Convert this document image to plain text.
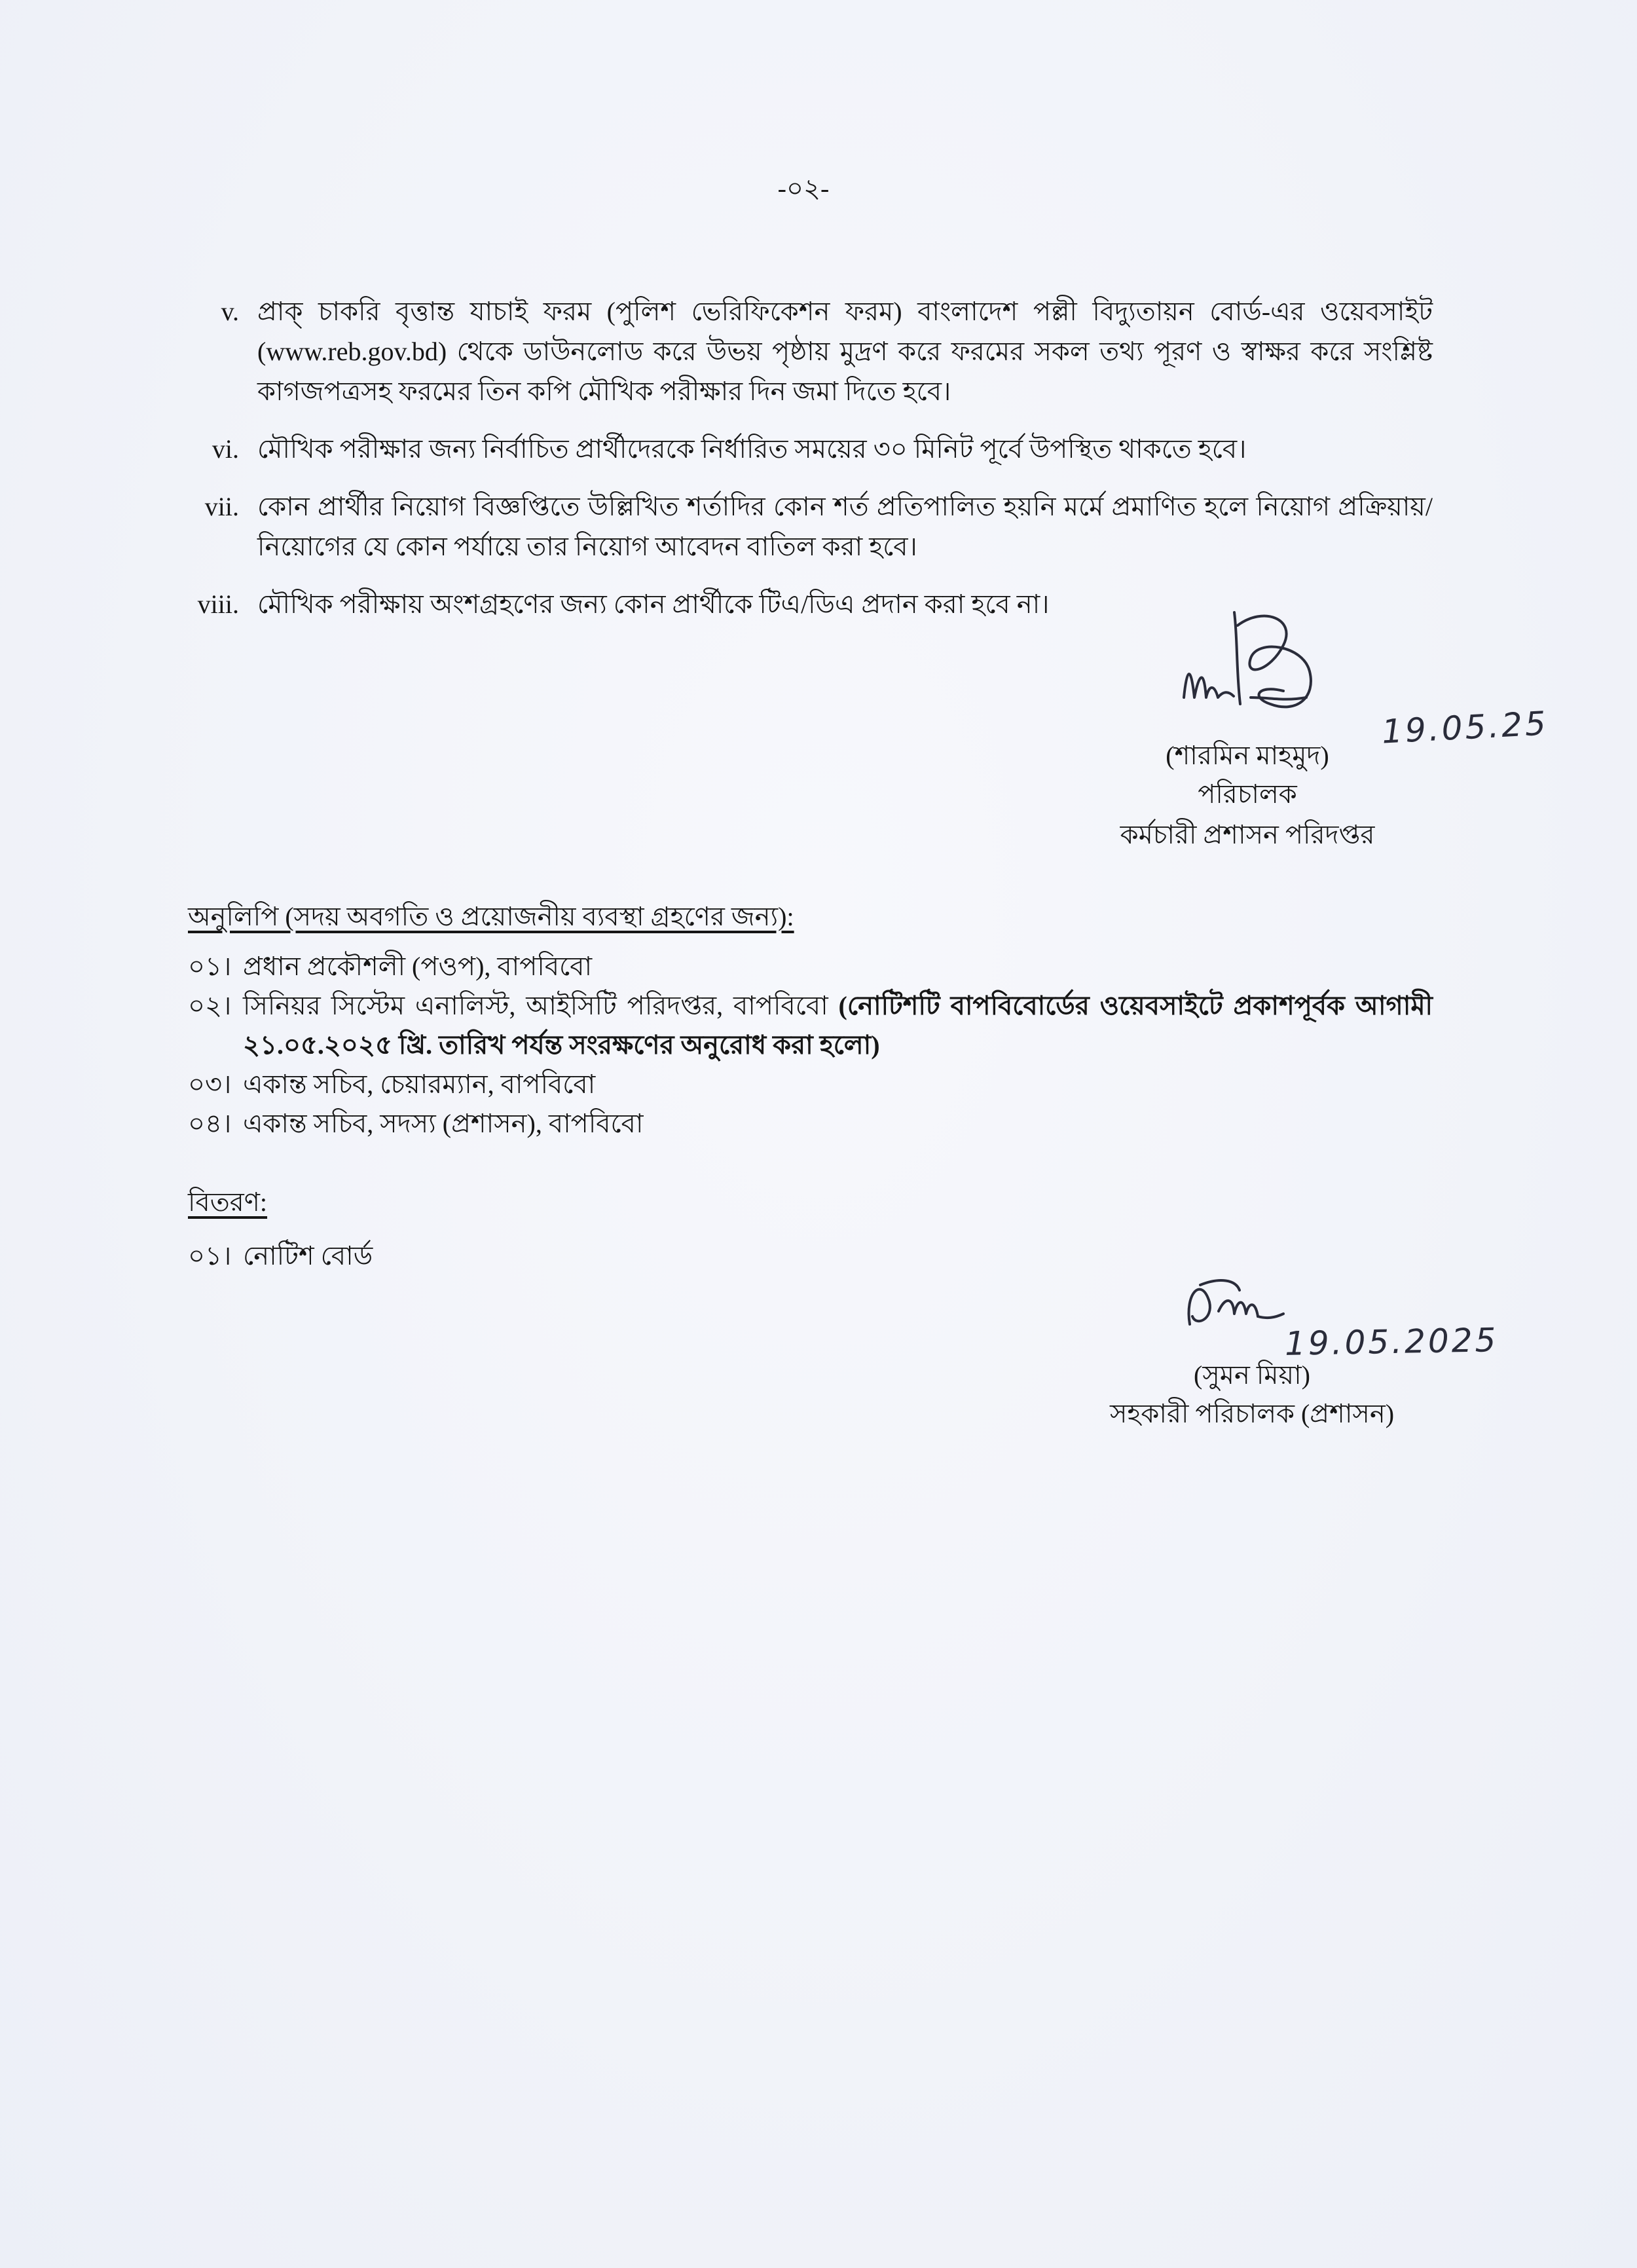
-০২-
v. প্রাক্ চাকরি বৃত্তান্ত যাচাই ফরম (পুলিশ ভেরিফিকেশন ফরম) বাংলাদেশ পল্লী বিদ্যুতায়ন বোর্ড-এর ওয়েবসাইট (www.reb.gov.bd) থেকে ডাউনলোড করে উভয় পৃষ্ঠায় মুদ্রণ করে ফরমের সকল তথ্য পূরণ ও স্বাক্ষর করে সংশ্লিষ্ট কাগজপত্রসহ ফরমের তিন কপি মৌখিক পরীক্ষার দিন জমা দিতে হবে।
vi. মৌখিক পরীক্ষার জন্য নির্বাচিত প্রার্থীদেরকে নির্ধারিত সময়ের ৩০ মিনিট পূর্বে উপস্থিত থাকতে হবে।
vii. কোন প্রার্থীর নিয়োগ বিজ্ঞপ্তিতে উল্লিখিত শর্তাদির কোন শর্ত প্রতিপালিত হয়নি মর্মে প্রমাণিত হলে নিয়োগ প্রক্রিয়ায়/ নিয়োগের যে কোন পর্যায়ে তার নিয়োগ আবেদন বাতিল করা হবে।
viii. মৌখিক পরীক্ষায় অংশগ্রহণের জন্য কোন প্রার্থীকে টিএ/ডিএ প্রদান করা হবে না।
19.05.25
(শারমিন মাহমুদ)
পরিচালক
কর্মচারী প্রশাসন পরিদপ্তর
অনুলিপি (সদয় অবগতি ও প্রয়োজনীয় ব্যবস্থা গ্রহণের জন্য):
০১। প্রধান প্রকৌশলী (পওপ), বাপবিবো
০২। সিনিয়র সিস্টেম এনালিস্ট, আইসিটি পরিদপ্তর, বাপবিবো (নোটিশটি বাপবিবোর্ডের ওয়েবসাইটে প্রকাশপূর্বক আগামী ২১.০৫.২০২৫ খ্রি. তারিখ পর্যন্ত সংরক্ষণের অনুরোধ করা হলো)
০৩। একান্ত সচিব, চেয়ারম্যান, বাপবিবো
০৪। একান্ত সচিব, সদস্য (প্রশাসন), বাপবিবো
বিতরণ:
০১। নোটিশ বোর্ড
19.05.2025
(সুমন মিয়া)
সহকারী পরিচালক (প্রশাসন)
